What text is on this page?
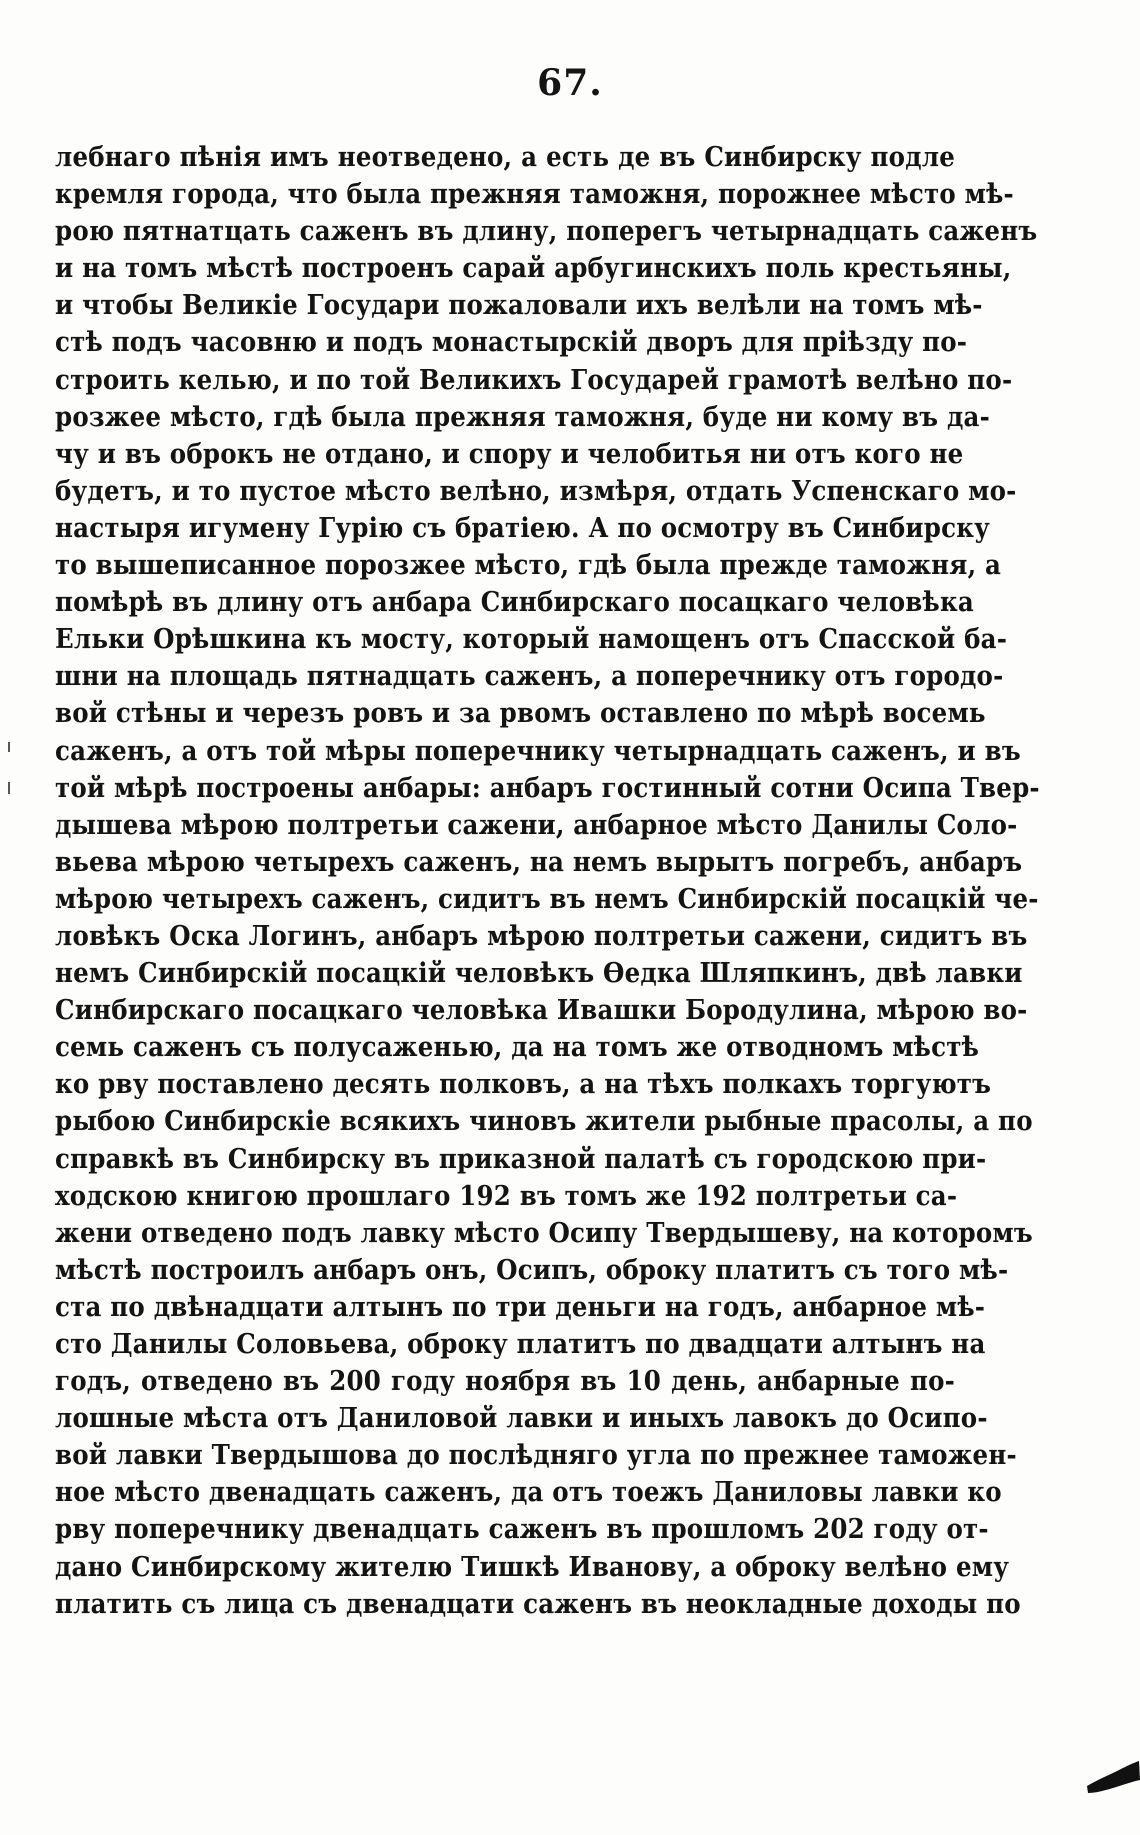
67.
лебнаго пѣнія имъ неотведено, а есть де въ Синбирску подле
кремля города, что была прежняя таможня, порожнее мѣсто мѣ-
рою пятнатцать саженъ въ длину, поперегъ четырнадцать саженъ
и на томъ мѣстѣ построенъ сарай арбугинскихъ поль крестьяны,
и чтобы Великіе Государи пожаловали ихъ велѣли на томъ мѣ-
стѣ подъ часовню и подъ монастырскій дворъ для пріѣзду по-
строить келью, и по той Великихъ Государей грамотѣ велѣно по-
розжее мѣсто, гдѣ была прежняя таможня, буде ни кому въ да-
чу и въ оброкъ не отдано, и спору и челобитья ни отъ кого не
будетъ, и то пустое мѣсто велѣно, измѣря, отдать Успенскаго мо-
настыря игумену Гурію съ братіею. А по осмотру въ Синбирску
то вышеписанное порозжее мѣсто, гдѣ была прежде таможня, а
помѣрѣ въ длину отъ анбара Синбирскаго посацкаго человѣка
Ельки Орѣшкина къ мосту, который намощенъ отъ Спасской ба-
шни на площадь пятнадцать саженъ, а поперечнику отъ городо-
вой стѣны и черезъ ровъ и за рвомъ оставлено по мѣрѣ восемь
саженъ, а отъ той мѣры поперечнику четырнадцать саженъ, и въ
той мѣрѣ построены анбары: анбаръ гостинный сотни Осипа Твер-
дышева мѣрою полтретьи сажени, анбарное мѣсто Данилы Соло-
вьева мѣрою четырехъ саженъ, на немъ вырытъ погребъ, анбаръ
мѣрою четырехъ саженъ, сидитъ въ немъ Синбирскій посацкій че-
ловѣкъ Оска Логинъ, анбаръ мѣрою полтретьи сажени, сидитъ въ
немъ Синбирскій посацкій человѣкъ Ѳедка Шляпкинъ, двѣ лавки
Синбирскаго посацкаго человѣка Ивашки Бородулина, мѣрою во-
семь саженъ съ полусаженью, да на томъ же отводномъ мѣстѣ
ко рву поставлено десять полковъ, а на тѣхъ полкахъ торгуютъ
рыбою Синбирскіе всякихъ чиновъ жители рыбные прасолы, а по
справкѣ въ Синбирску въ приказной палатѣ съ городскою при-
ходскою книгою прошлаго 192 въ томъ же 192 полтретьи са-
жени отведено подъ лавку мѣсто Осипу Твердышеву, на которомъ
мѣстѣ построилъ анбаръ онъ, Осипъ, оброку платитъ съ того мѣ-
ста по двѣнадцати алтынъ по три деньги на годъ, анбарное мѣ-
сто Данилы Соловьева, оброку платитъ по двадцати алтынъ на
годъ, отведено въ 200 году ноября въ 10 день, анбарные по-
лошные мѣста отъ Даниловой лавки и иныхъ лавокъ до Осипо-
вой лавки Твердышова до послѣдняго угла по прежнее таможен-
ное мѣсто двенадцать саженъ, да отъ тоежъ Даниловы лавки ко
рву поперечнику двенадцать саженъ въ прошломъ 202 году от-
дано Синбирскому жителю Тишкѣ Иванову, а оброку велѣно ему
платить съ лица съ двенадцати саженъ въ неокладные доходы по
